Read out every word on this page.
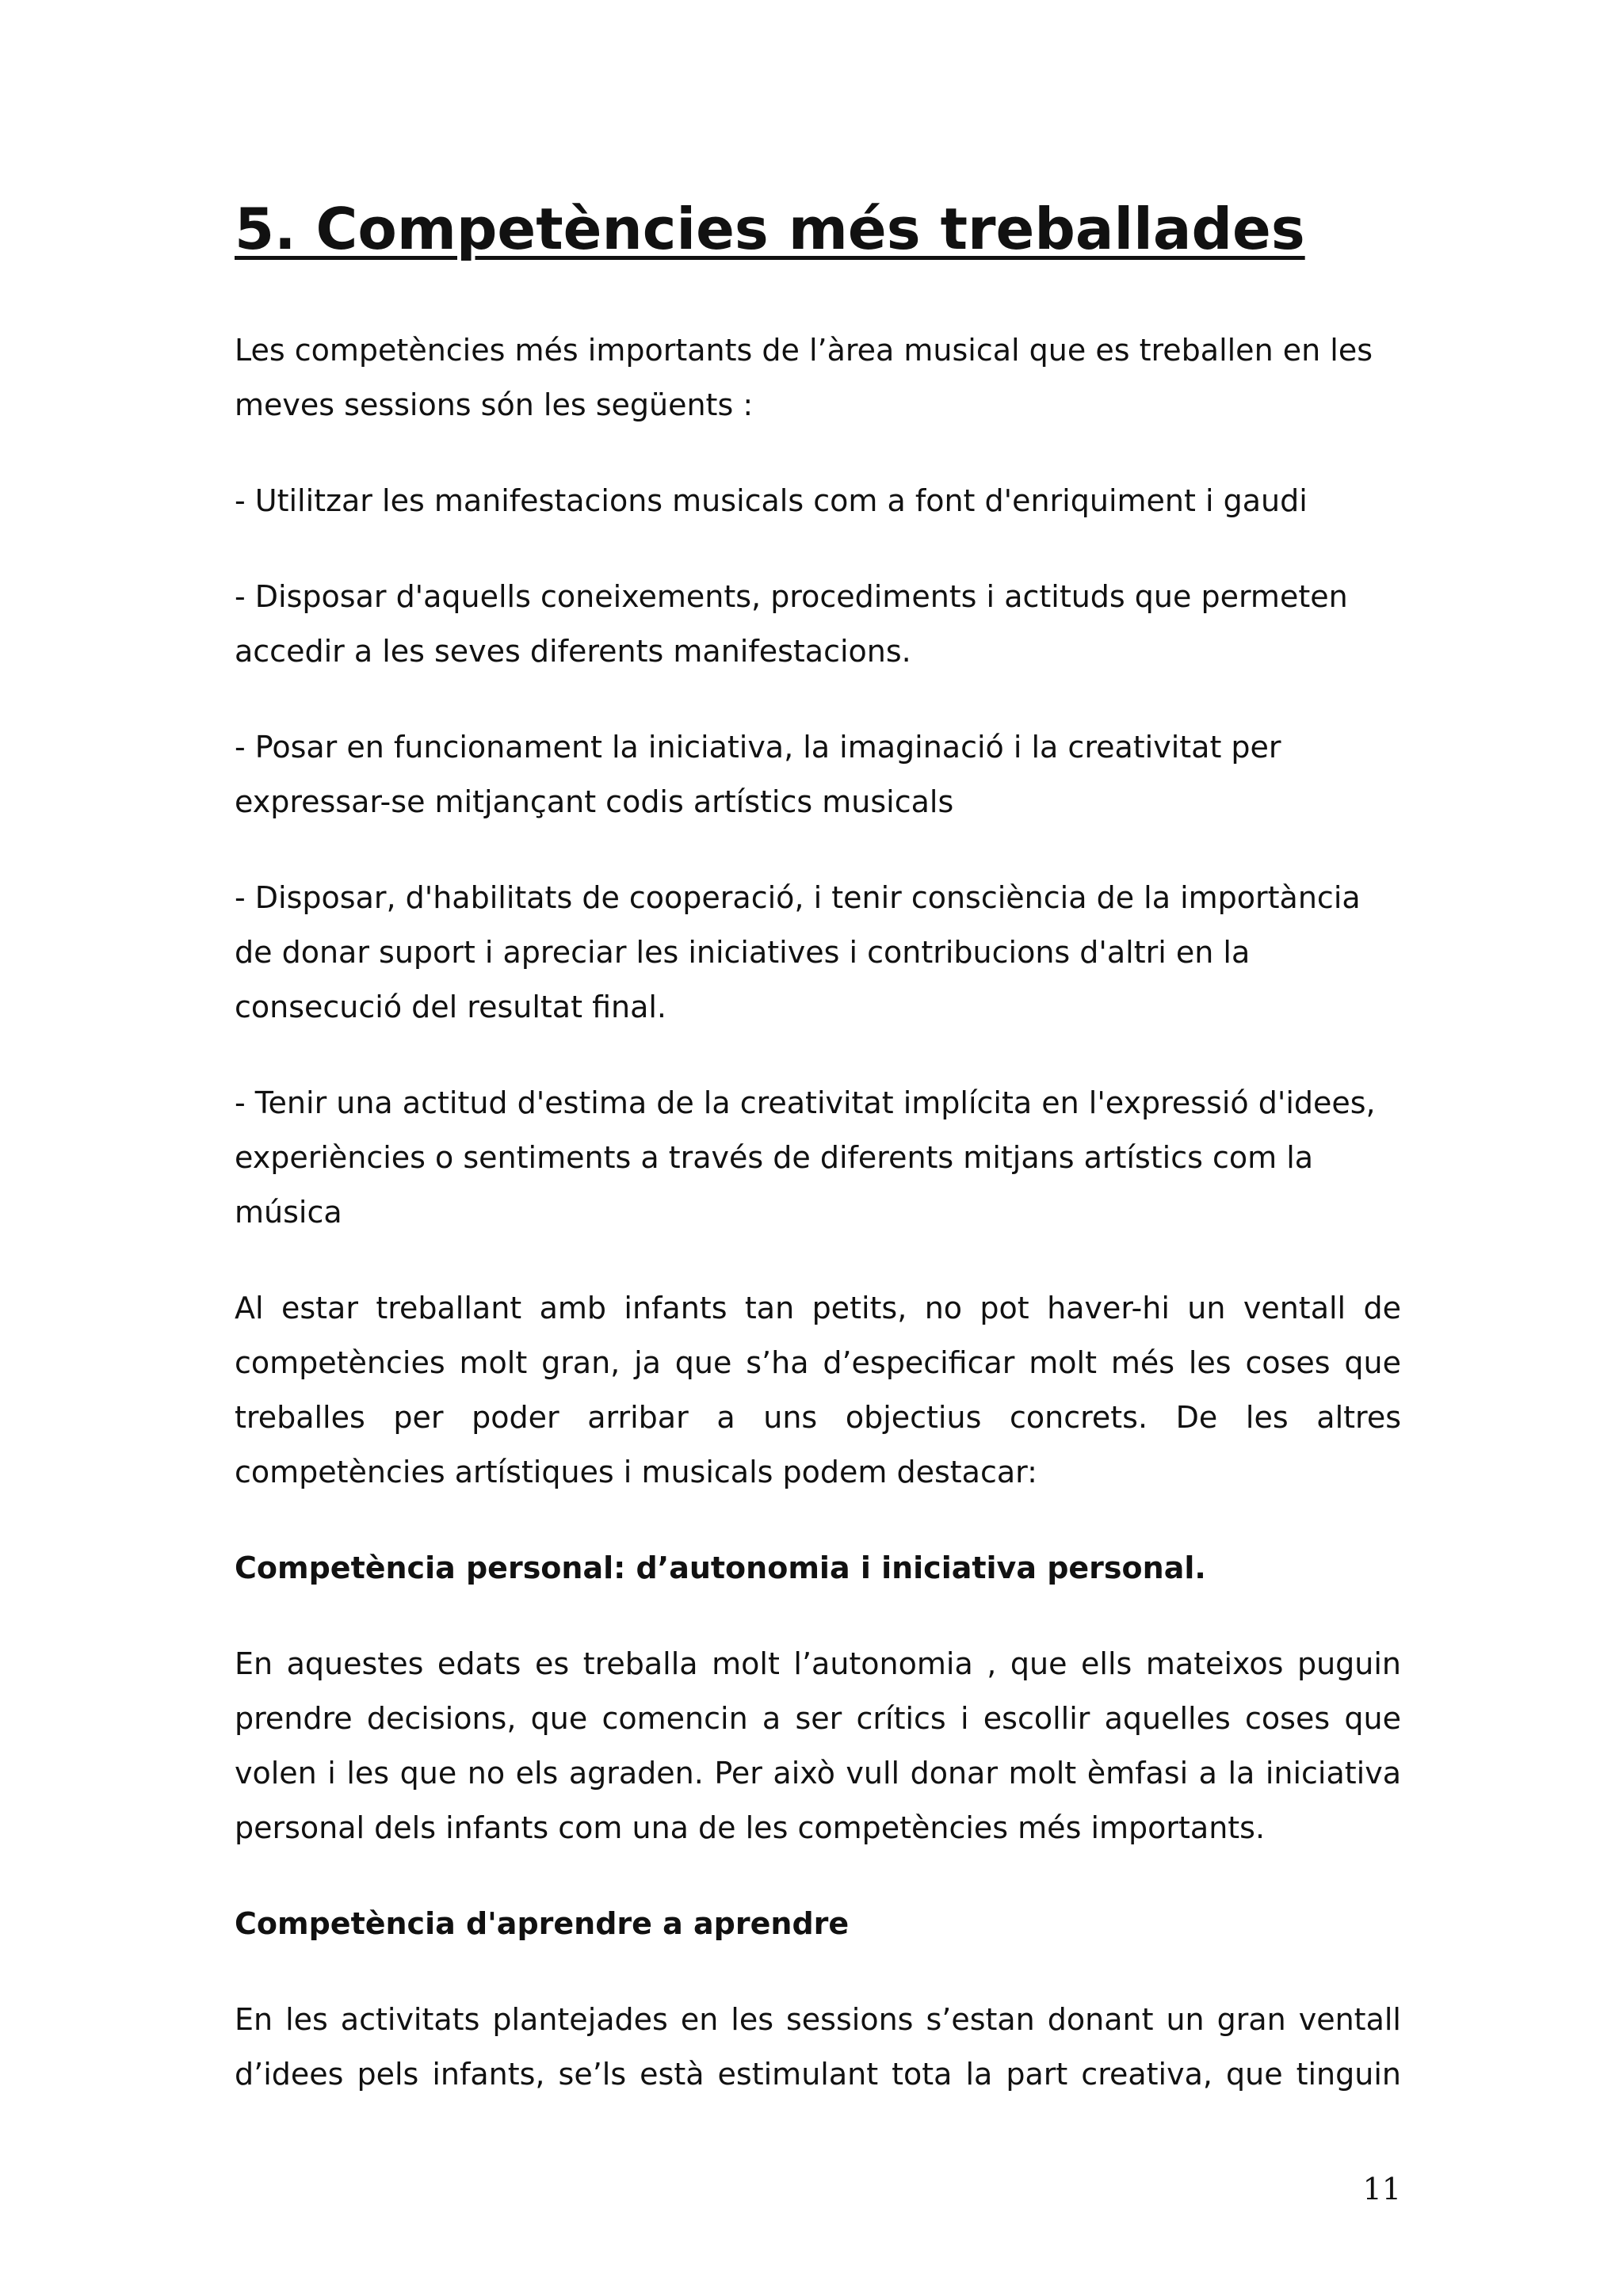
5. Competències més treballades

Les competències més importants de l’àrea musical que es treballen en les meves sessions són les següents :

- Utilitzar les manifestacions musicals com a font d'enriquiment i gaudi

- Disposar d'aquells coneixements, procediments i actituds que permeten accedir a les seves diferents manifestacions.

- Posar en funcionament la iniciativa, la imaginació i la creativitat per expressar-se mitjançant codis artístics musicals

- Disposar, d'habilitats de cooperació, i tenir consciència de la importància de donar suport i apreciar les iniciatives i contribucions d'altri en la consecució del resultat final.

- Tenir una actitud d'estima de la creativitat implícita en l'expressió d'idees, experiències o sentiments a través de diferents mitjans artístics com la música

Al estar treballant amb infants tan petits, no pot haver-hi un ventall de competències molt gran, ja que s’ha d’especificar molt més les coses que treballes per poder arribar a uns objectius concrets. De les altres competències artístiques i musicals podem destacar:

Competència personal: d’autonomia i iniciativa personal.

En aquestes edats es treballa molt l’autonomia , que ells mateixos puguin prendre decisions, que comencin a ser crítics i escollir aquelles coses que volen i les que no els agraden. Per això vull donar molt èmfasi a la iniciativa personal dels infants com una de les competències més importants.

Competència d'aprendre a aprendre

En les activitats plantejades en les sessions s’estan donant un gran ventall d’idees pels infants, se’ls està estimulant tota la part creativa, que tinguin

11
